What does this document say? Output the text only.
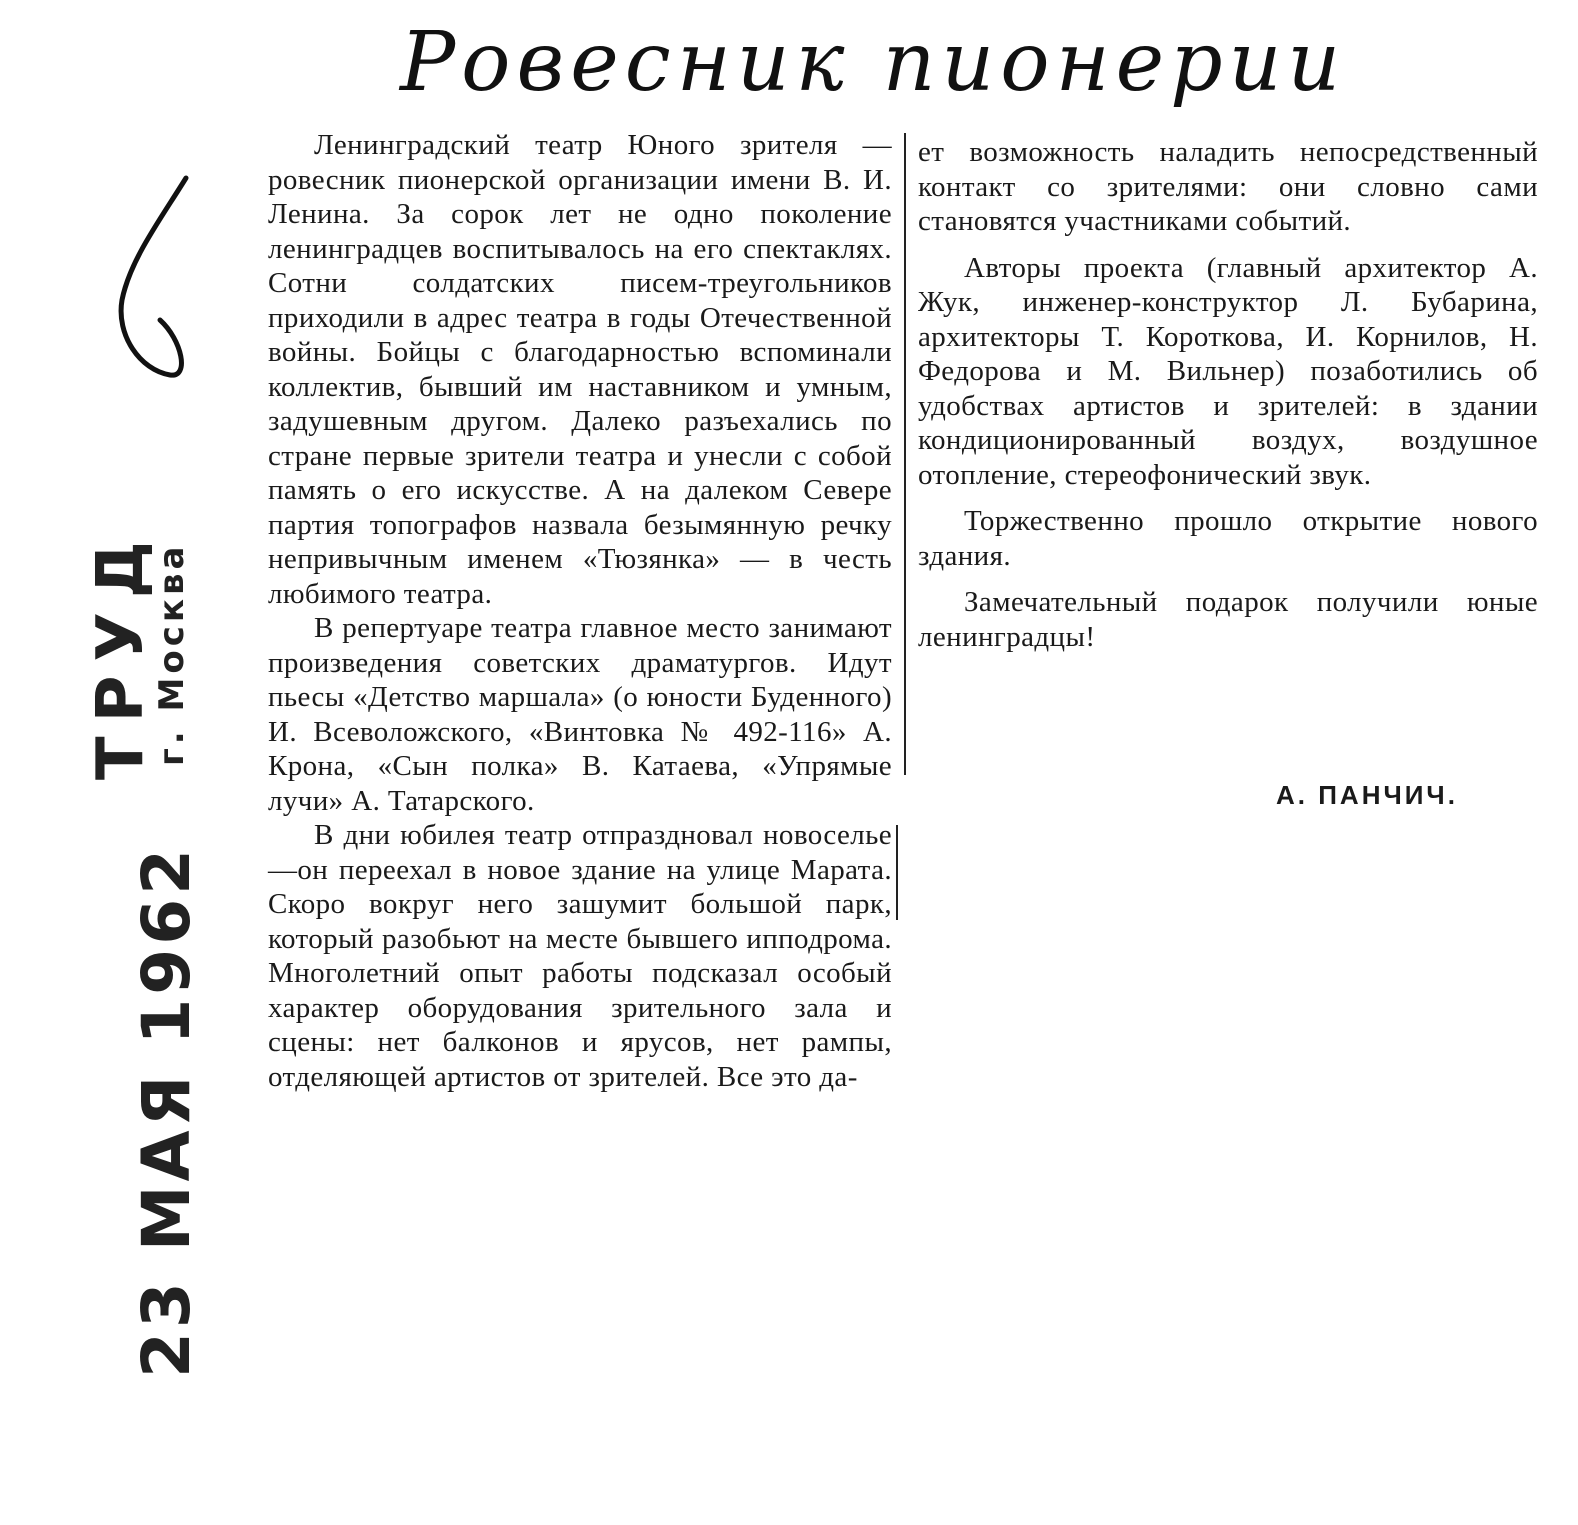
ТРУД
г. Москва
23 МАЯ 1962
Ровесник пионерии

Ленинградский театр Юного зрителя — ровесник пионерской организации имени В. И. Ленина. За сорок лет не одно поколение ленинградцев воспитывалось на его спектаклях. Сотни солдатских писем-треугольников приходили в адрес театра в годы Отечественной войны. Бойцы с благодарностью вспоминали коллектив, бывший им наставником и умным, задушевным другом. Далеко разъехались по стране первые зрители театра и унесли с собой память о его искусстве. А на далеком Севере партия топографов назвала безымянную речку непривычным именем «Тюзянка» — в честь любимого театра.

В репертуаре театра главное место занимают произведения советских драматургов. Идут пьесы «Детство маршала» (о юности Буденного) И. Всеволожского, «Винтовка № 492-116» А. Крона, «Сын полка» В. Катаева, «Упрямые лучи» А. Татарского.

В дни юбилея театр отпраздновал новоселье—он переехал в новое здание на улице Марата. Скоро вокруг него зашумит большой парк, который разобьют на месте бывшего ипподрома. Многолетний опыт работы подсказал особый характер оборудования зрительного зала и сцены: нет балконов и ярусов, нет рампы, отделяющей артистов от зрителей. Все это да-

ет возможность наладить непосредственный контакт со зрителями: они словно сами становятся участниками событий.

Авторы проекта (главный архитектор А. Жук, инженер-конструктор Л. Бубарина, архитекторы Т. Короткова, И. Корнилов, Н. Федорова и М. Вильнер) позаботились об удобствах артистов и зрителей: в здании кондиционированный воздух, воздушное отопление, стереофонический звук.

Торжественно прошло открытие нового здания.

Замечательный подарок получили юные ленинградцы!

А. ПАНЧИЧ.
